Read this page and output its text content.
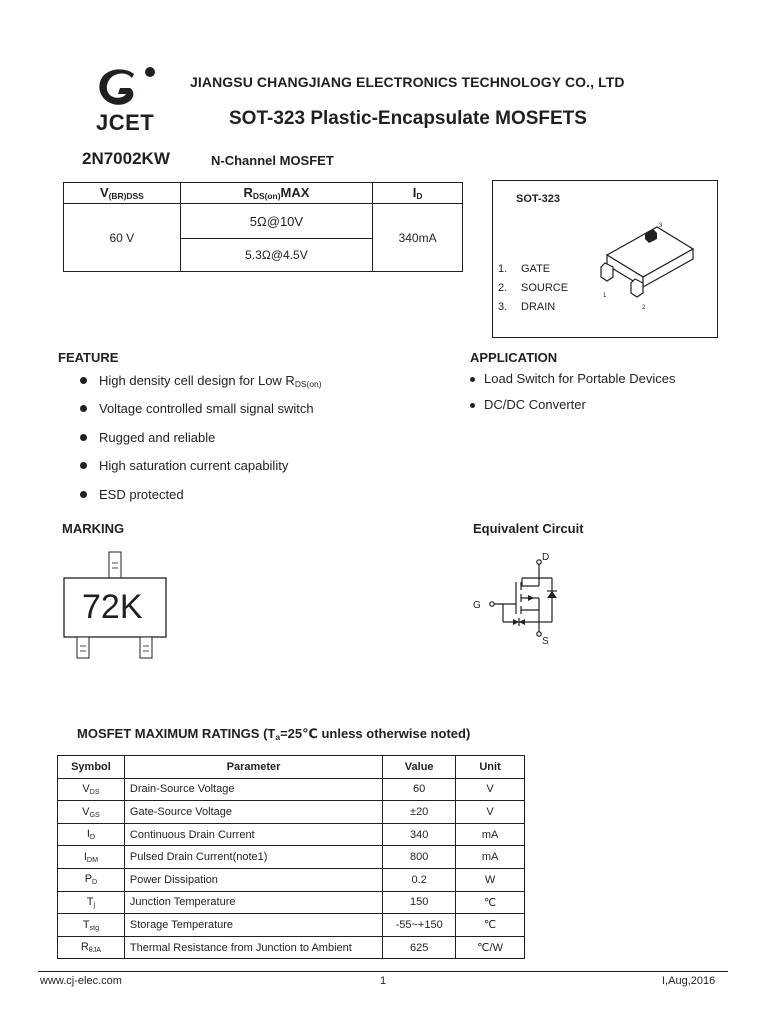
JCET
JIANGSU CHANGJIANG ELECTRONICS TECHNOLOGY CO., LTD
SOT-323 Plastic-Encapsulate MOSFETS
2N7002KW	N-Channel MOSFET
$V_{(BR)DSS}$	$R_{DS(on)}MAX$	$I_D$
60 V	5Ω@10V	340mA
	5.3Ω@4.5V	
SOT-323
1. GATE
2. SOURCE
3. DRAIN
3
1
2
FEATURE
High density cell design for Low $R_{DS(on)}$
Voltage controlled small signal switch
Rugged and reliable
High saturation current capability
ESD protected
APPLICATION
Load Switch for Portable Devices
DC/DC Converter
MARKING
72K
Equivalent Circuit
D
G
S
MOSFET MAXIMUM RATINGS ($T_a=25℃$ unless otherwise noted)
Symbol	Parameter	Value	Unit
$V_{DS}$	Drain-Source Voltage	60	V
$V_{GS}$	Gate-Source Voltage	±20	V
$I_D$	Continuous Drain Current	340	mA
$I_{DM}$	Pulsed Drain Current(note1)	800	mA
$P_D$	Power Dissipation	0.2	W
$T_j$	Junction Temperature	150	℃
$T_{stg}$	Storage Temperature	-55~+150	℃
$R_{\theta JA}$	Thermal Resistance from Junction to Ambient	625	℃/W
www.cj-elec.com	1	I,Aug,2016
